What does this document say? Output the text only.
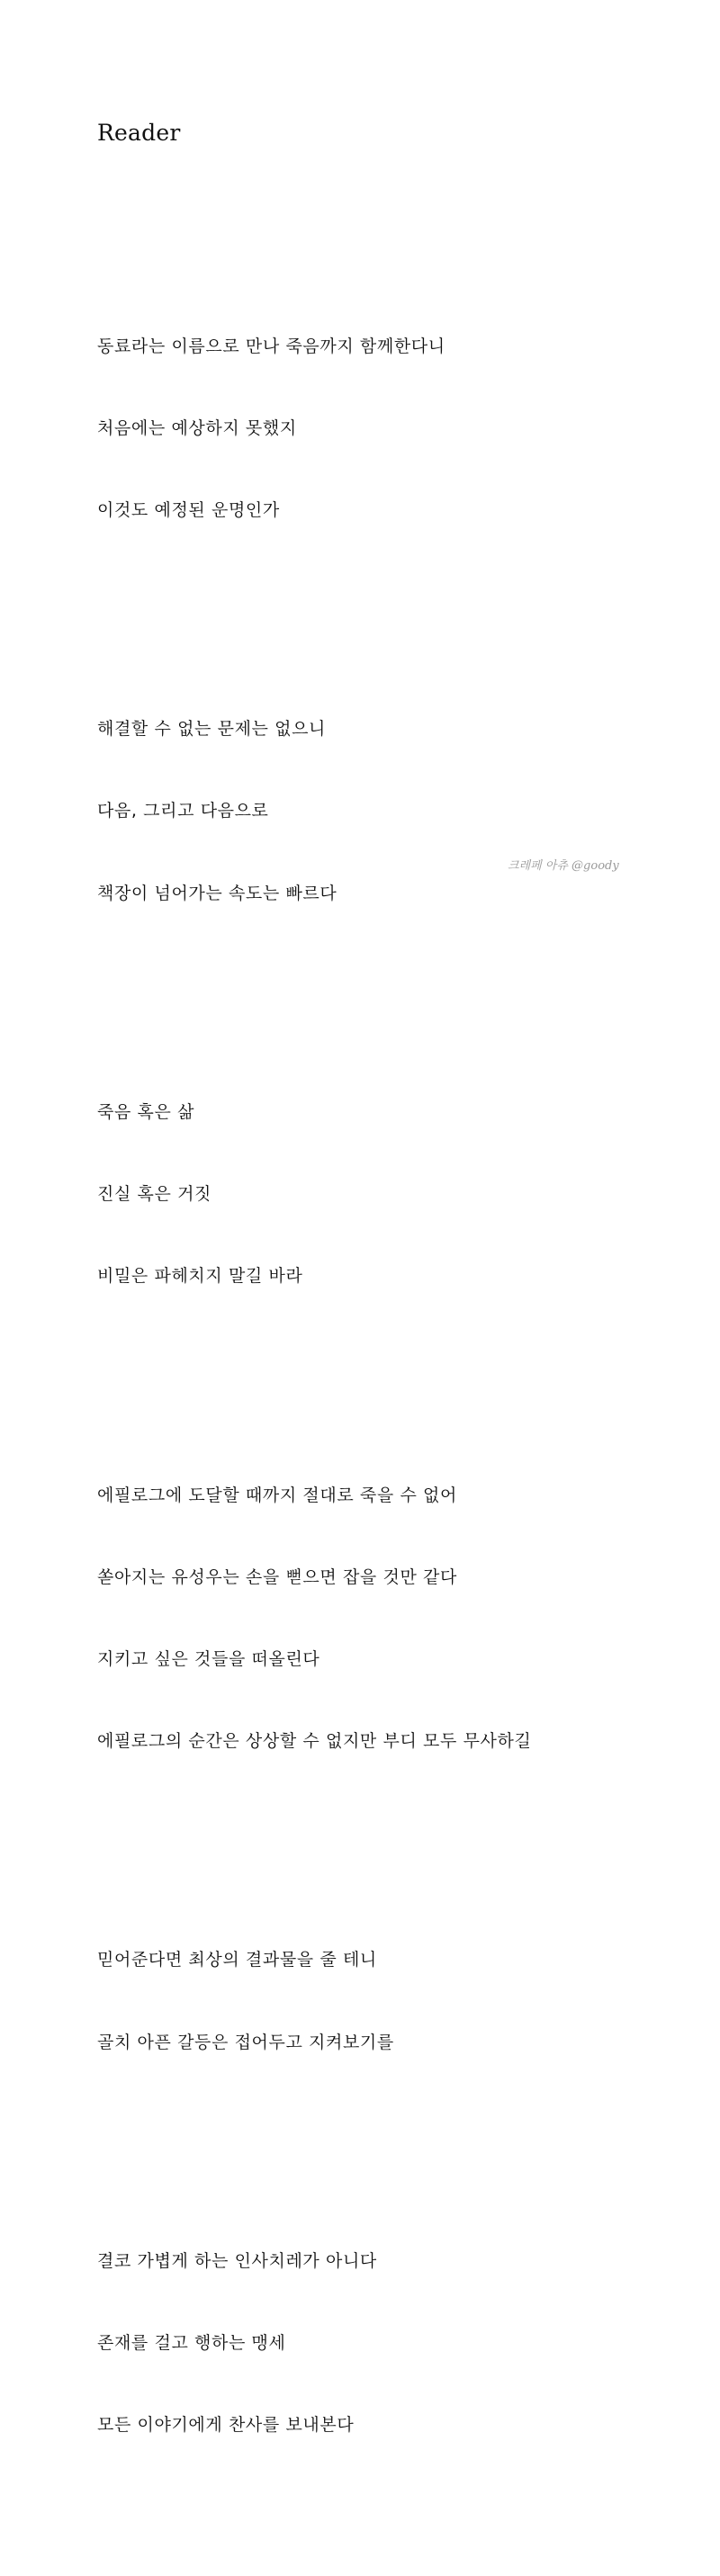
Reader

동료라는 이름으로 만나 죽음까지 함께한다니

처음에는 예상하지 못했지

이것도 예정된 운명인가

해결할 수 없는 문제는 없으니

다음, 그리고 다음으로

책장이 넘어가는 속도는 빠르다

죽음 혹은 삶

진실 혹은 거짓

비밀은 파헤치지 말길 바라

에필로그에 도달할 때까지 절대로 죽을 수 없어

쏟아지는 유성우는 손을 뻗으면 잡을 것만 같다

지키고 싶은 것들을 떠올린다

에필로그의 순간은 상상할 수 없지만 부디 모두 무사하길

믿어준다면 최상의 결과물을 줄 테니

골치 아픈 갈등은 접어두고 지켜보기를

결코 가볍게 하는 인사치레가 아니다

존재를 걸고 행하는 맹세

모든 이야기에게 찬사를 보내본다

크레페 아츄 @goody
